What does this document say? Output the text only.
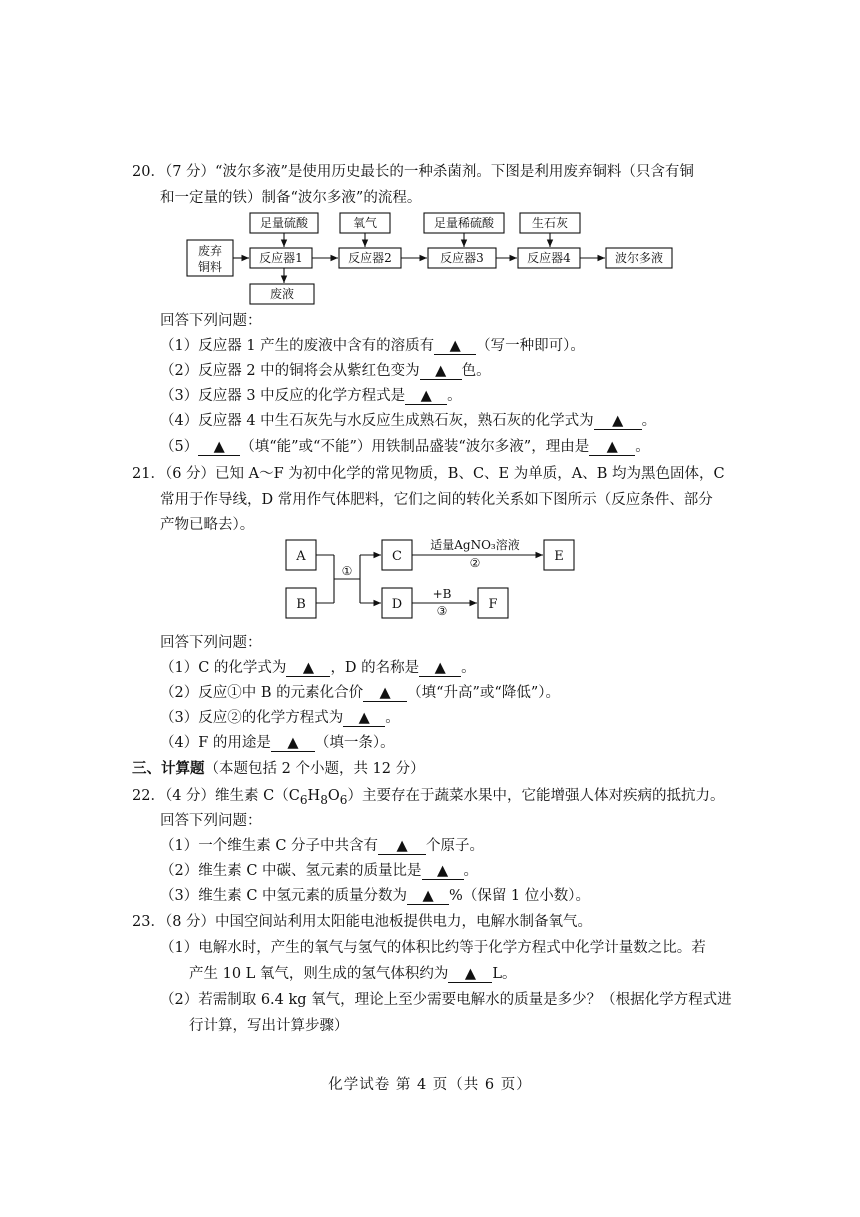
20．（7 分）“波尔多液”是使用历史最长的一种杀菌剂。下图是利用废弃铜料（只含有铜
和一定量的铁）制备“波尔多液”的流程。
足量硫酸	氧气	足量稀硫酸	生石灰
废弃
铜料
反应器1	反应器2	反应器3	反应器4	波尔多液
废液
回答下列问题：
（1）反应器 1 产生的废液中含有的溶质有 ▲ （写一种即可）。
（2）反应器 2 中的铜将会从紫红色变为 ▲ 色。
（3）反应器 3 中反应的化学方程式是 ▲ 。
（4）反应器 4 中生石灰先与水反应生成熟石灰，熟石灰的化学式为 ▲ 。
（5） ▲ （填“能”或“不能”）用铁制品盛装“波尔多液”，理由是 ▲ 。
21．（6 分）已知 A～F 为初中化学的常见物质，B、C、E 为单质，A、B 均为黑色固体，C
常用于作导线，D 常用作气体肥料，它们之间的转化关系如下图所示（反应条件、部分
产物已略去）。
A
B
C
D
E
F
①
适量AgNO₃溶液
②
+B
③
回答下列问题：
（1）C 的化学式为 ▲ ，D 的名称是 ▲ 。
（2）反应①中 B 的元素化合价 ▲ （填“升高”或“降低”）。
（3）反应②的化学方程式为 ▲ 。
（4）F 的用途是 ▲ （填一条）。
三、计算题（本题包括 2 个小题，共 12 分）
22．（4 分）维生素 $C(C_6H_8O_6)$主要存在于蔬菜水果中，它能增强人体对疾病的抵抗力。
回答下列问题：
（1）一个维生素 C 分子中共含有 ▲ 个原子。
（2）维生素 C 中碳、氢元素的质量比是 ▲ 。
（3）维生素 C 中氢元素的质量分数为 ▲ %（保留 1 位小数）。
23．（8 分）中国空间站利用太阳能电池板提供电力，电解水制备氧气。
（1）电解水时，产生的氧气与氢气的体积比约等于化学方程式中化学计量数之比。若
产生 10 L 氧气，则生成的氢气体积约为 ▲ L。
（2）若需制取 6.4 kg 氧气，理论上至少需要电解水的质量是多少？（根据化学方程式进
行计算，写出计算步骤）
化学试卷 第 4 页（共 6 页）
